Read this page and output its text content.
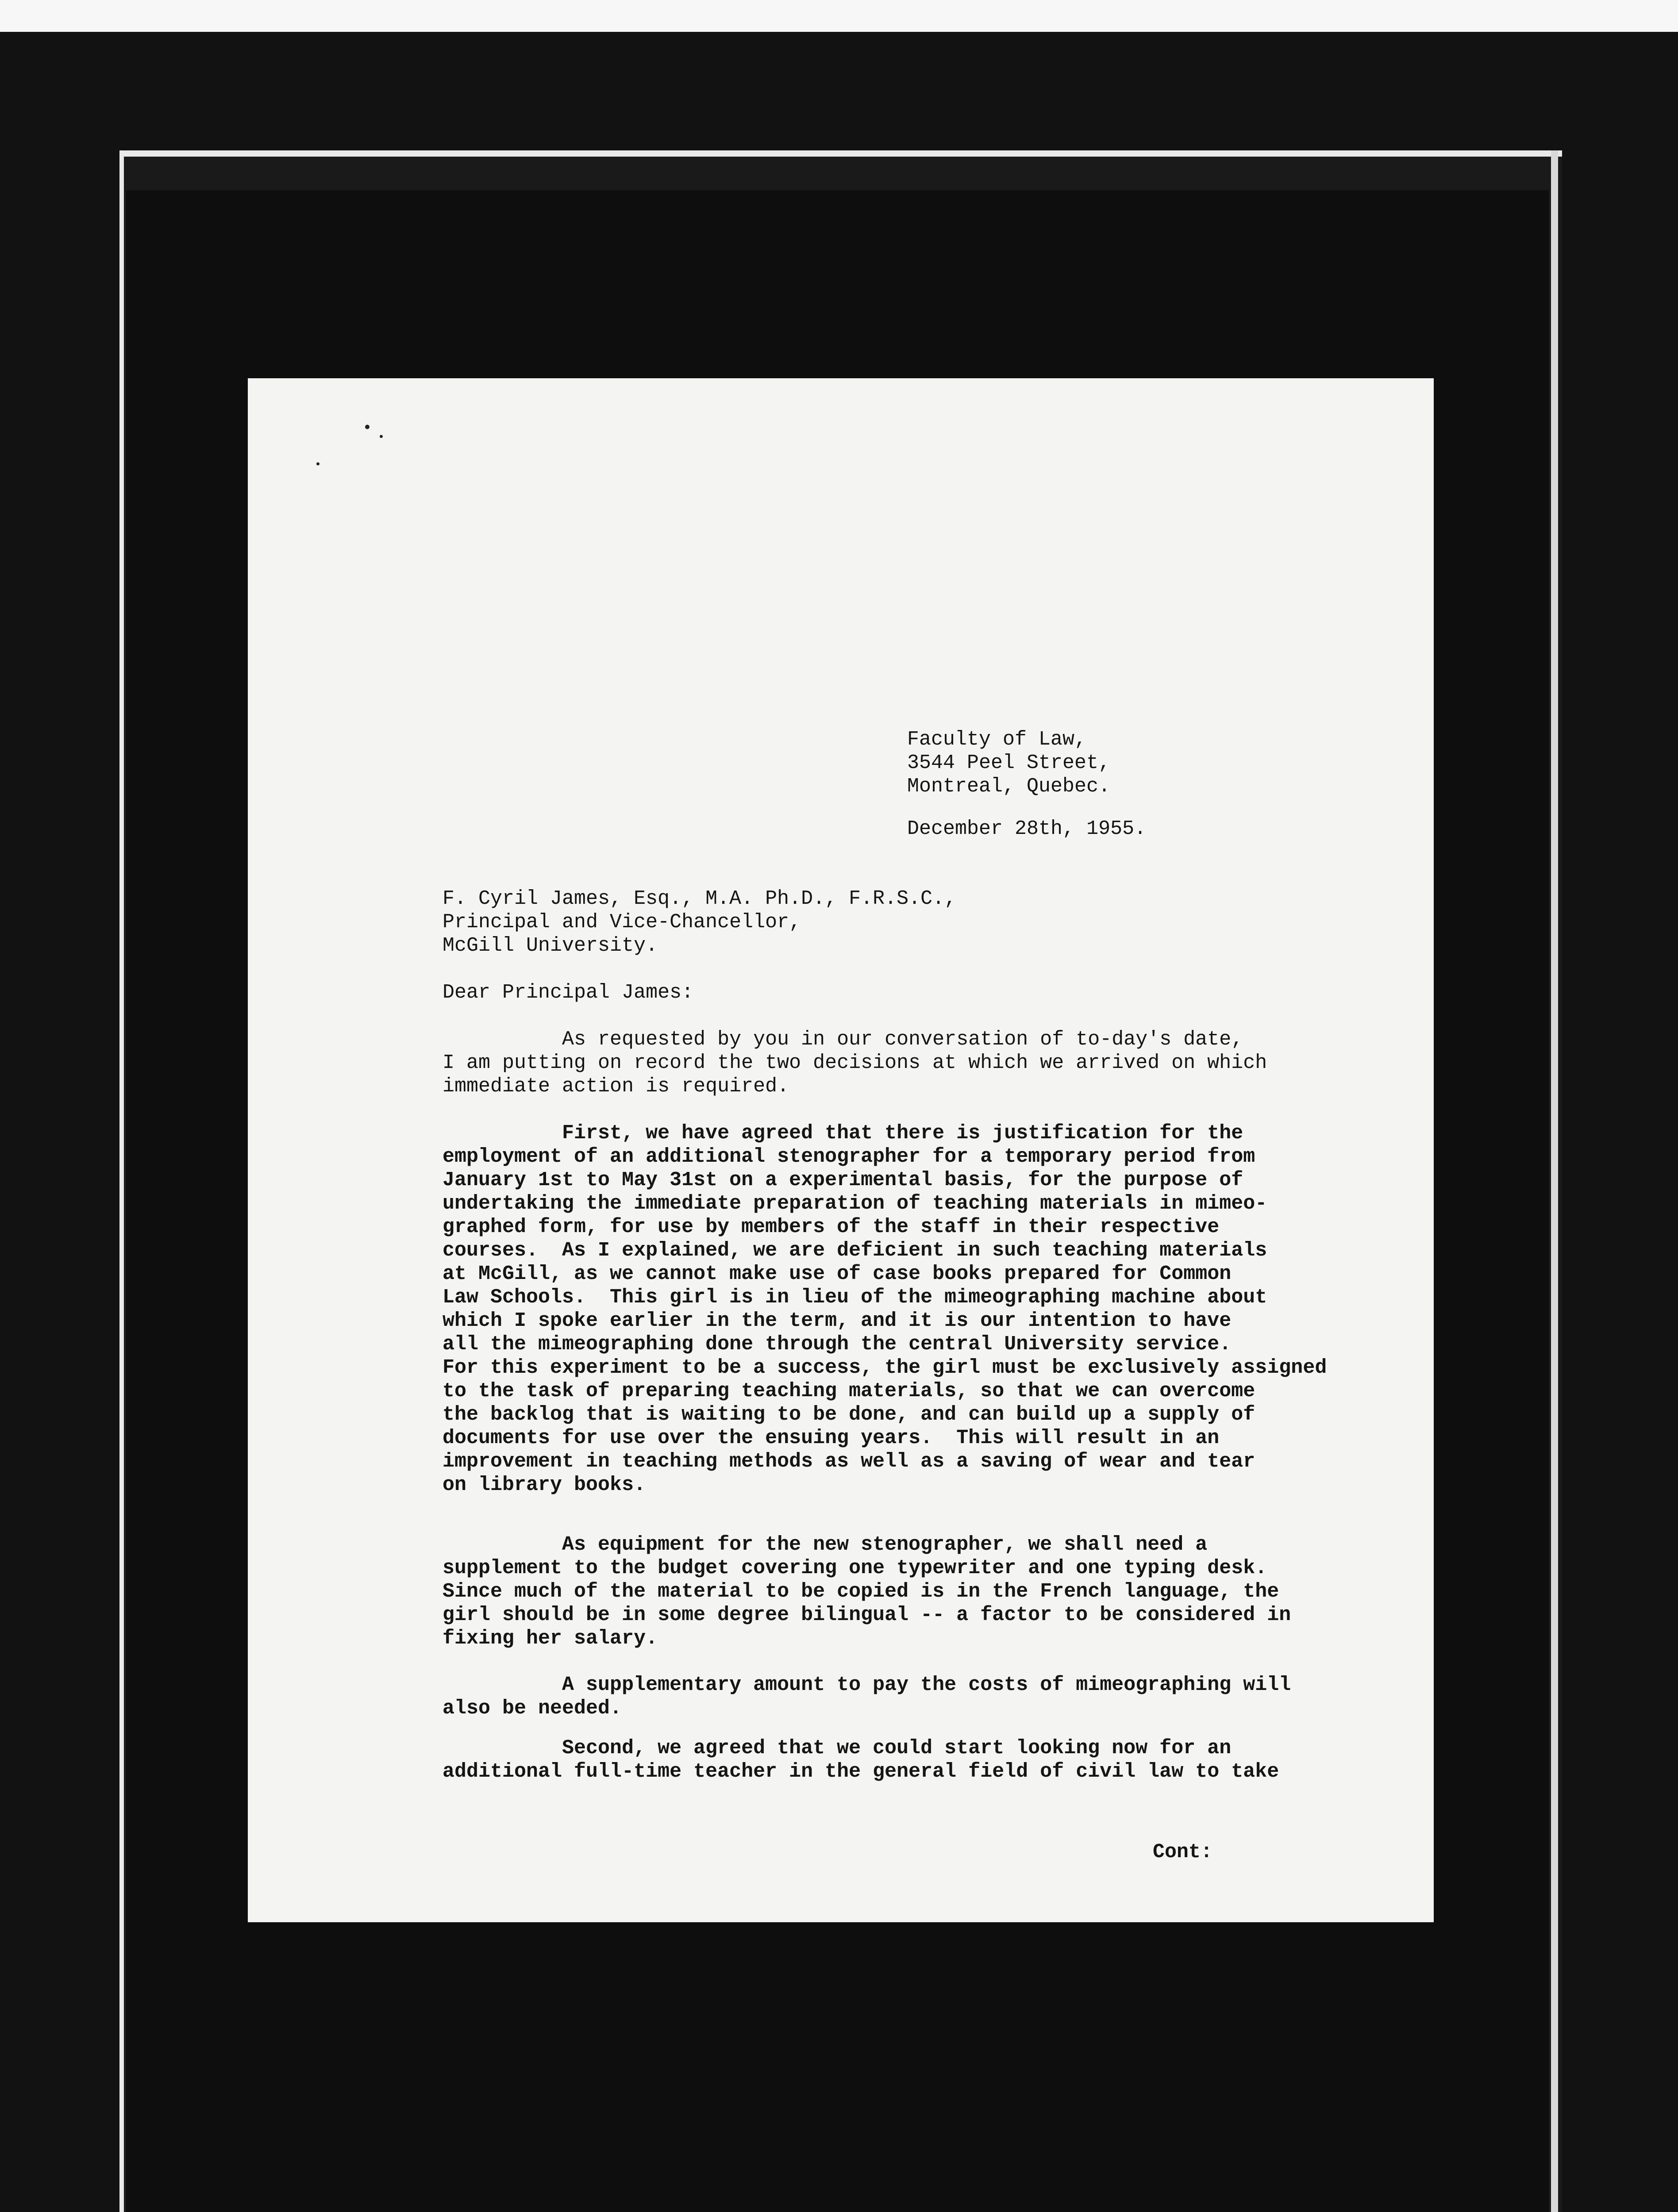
Faculty of Law,
3544 Peel Street,
Montreal, Quebec.
December 28th, 1955.
F. Cyril James, Esq., M.A. Ph.D., F.R.S.C.,
Principal and Vice-Chancellor,
McGill University.
Dear Principal James:
As requested by you in our conversation of to-day's date,
I am putting on record the two decisions at which we arrived on which
immediate action is required.
First, we have agreed that there is justification for the
employment of an additional stenographer for a temporary period from
January 1st to May 31st on a experimental basis, for the purpose of
undertaking the immediate preparation of teaching materials in mimeo-
graphed form, for use by members of the staff in their respective
courses.  As I explained, we are deficient in such teaching materials
at McGill, as we cannot make use of case books prepared for Common
Law Schools.  This girl is in lieu of the mimeographing machine about
which I spoke earlier in the term, and it is our intention to have
all the mimeographing done through the central University service.
For this experiment to be a success, the girl must be exclusively assigned
to the task of preparing teaching materials, so that we can overcome
the backlog that is waiting to be done, and can build up a supply of
documents for use over the ensuing years.  This will result in an
improvement in teaching methods as well as a saving of wear and tear
on library books.
As equipment for the new stenographer, we shall need a
supplement to the budget covering one typewriter and one typing desk.
Since much of the material to be copied is in the French language, the
girl should be in some degree bilingual -- a factor to be considered in
fixing her salary.
A supplementary amount to pay the costs of mimeographing will
also be needed.
Second, we agreed that we could start looking now for an
additional full-time teacher in the general field of civil law to take
Cont:
